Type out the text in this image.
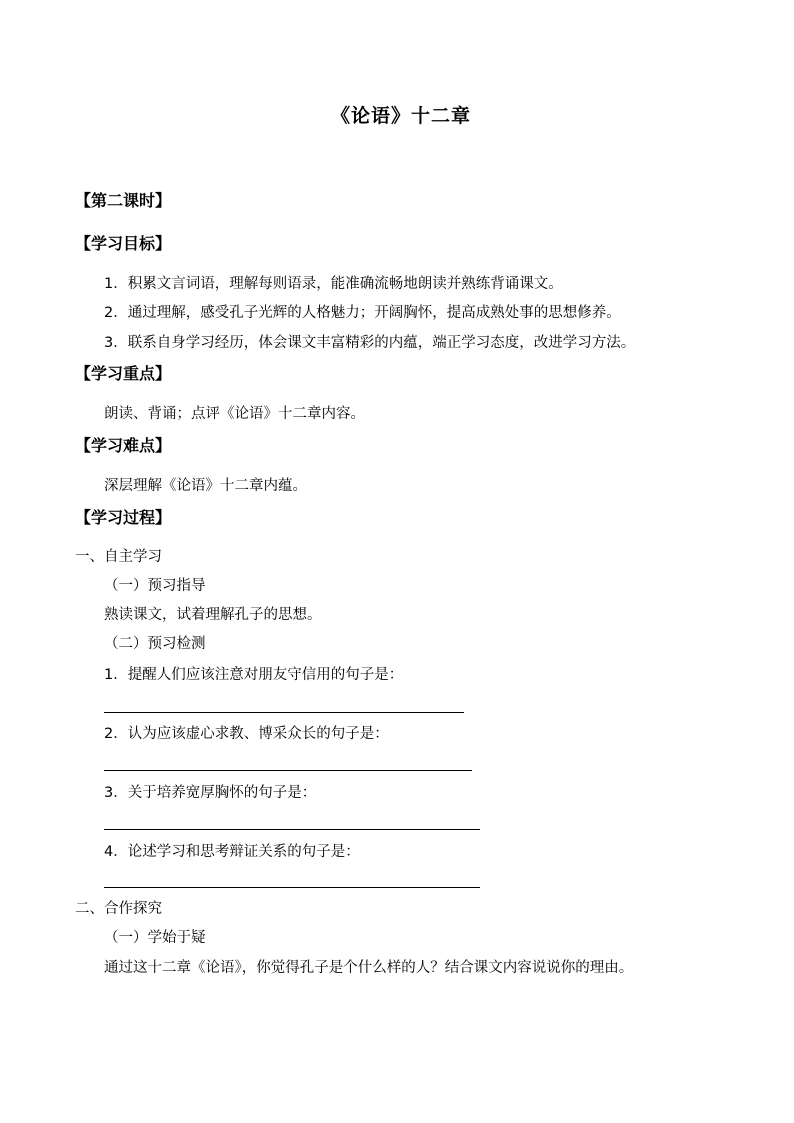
《论语》十二章
【第二课时】
【学习目标】
1．积累文言词语，理解每则语录，能准确流畅地朗读并熟练背诵课文。
2．通过理解，感受孔子光辉的人格魅力；开阔胸怀，提高成熟处事的思想修养。
3．联系自身学习经历，体会课文丰富精彩的内蕴，端正学习态度，改进学习方法。
【学习重点】
朗读、背诵；点评《论语》十二章内容。
【学习难点】
深层理解《论语》十二章内蕴。
【学习过程】
一、自主学习
（一）预习指导
熟读课文，试着理解孔子的思想。
（二）预习检测
1．提醒人们应该注意对朋友守信用的句子是：
2．认为应该虚心求教、博采众长的句子是：
3．关于培养宽厚胸怀的句子是：
4．论述学习和思考辩证关系的句子是：
二、合作探究
（一）学始于疑
通过这十二章《论语》，你觉得孔子是个什么样的人？结合课文内容说说你的理由。
